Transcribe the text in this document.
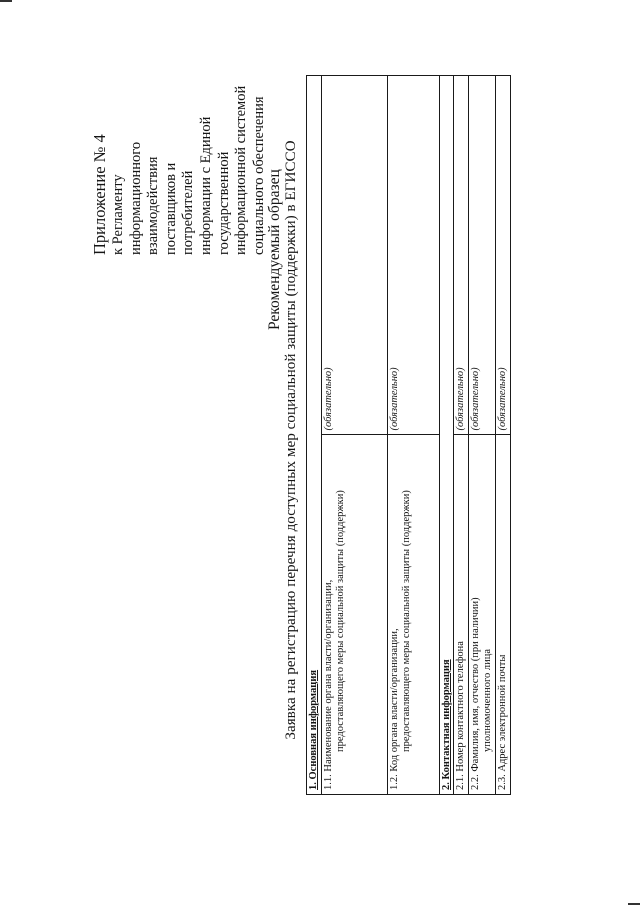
Приложение № 4 к Регламенту информационного взаимодействия поставщиков и потребителей информации с Единой государственной информационной системой социального обеспечения Рекомендуемый образец Заявка на регистрацию перечня доступных мер социальной защиты (поддержки) в ЕГИССО 1. Основная информация	
1.1. Наименование органа власти/организации, предоставляющего меры социальной защиты (поддержки)	(обязательно)
1.2. Код органа власти/организации, предоставляющего меры социальной защиты (поддержки)	(обязательно)
2. Контактная информация	
2.1. Номер контактного телефона	(обязательно)
2.2. Фамилия, имя, отчество (при наличии) уполномоченного лица	(обязательно)
2.3. Адрес электронной почты	(обязательно)
